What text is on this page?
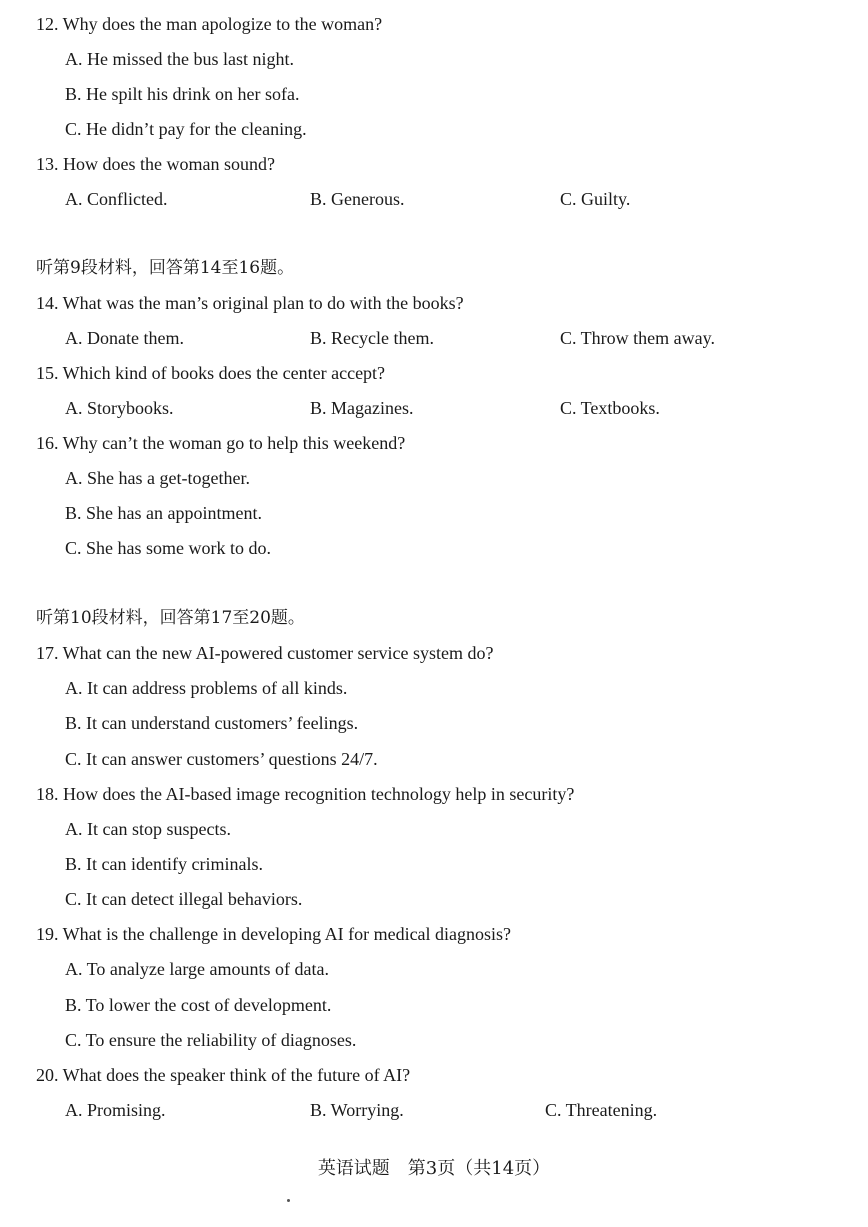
12. Why does the man apologize to the woman?
A. He missed the bus last night.
B. He spilt his drink on her sofa.
C. He didn’t pay for the cleaning.
13. How does the woman sound?
A. Conflicted.	B. Generous.	C. Guilty.
听第9段材料，回答第14至16题。
14. What was the man’s original plan to do with the books?
A. Donate them.	B. Recycle them.	C. Throw them away.
15. Which kind of books does the center accept?
A. Storybooks.	B. Magazines.	C. Textbooks.
16. Why can’t the woman go to help this weekend?
A. She has a get-together.
B. She has an appointment.
C. She has some work to do.
听第10段材料，回答第17至20题。
17. What can the new AI-powered customer service system do?
A. It can address problems of all kinds.
B. It can understand customers’ feelings.
C. It can answer customers’ questions 24/7.
18. How does the AI-based image recognition technology help in security?
A. It can stop suspects.
B. It can identify criminals.
C. It can detect illegal behaviors.
19. What is the challenge in developing AI for medical diagnosis?
A. To analyze large amounts of data.
B. To lower the cost of development.
C. To ensure the reliability of diagnoses.
20. What does the speaker think of the future of AI?
A. Promising.	B. Worrying.	C. Threatening.
英语试题　第3页（共14页）
